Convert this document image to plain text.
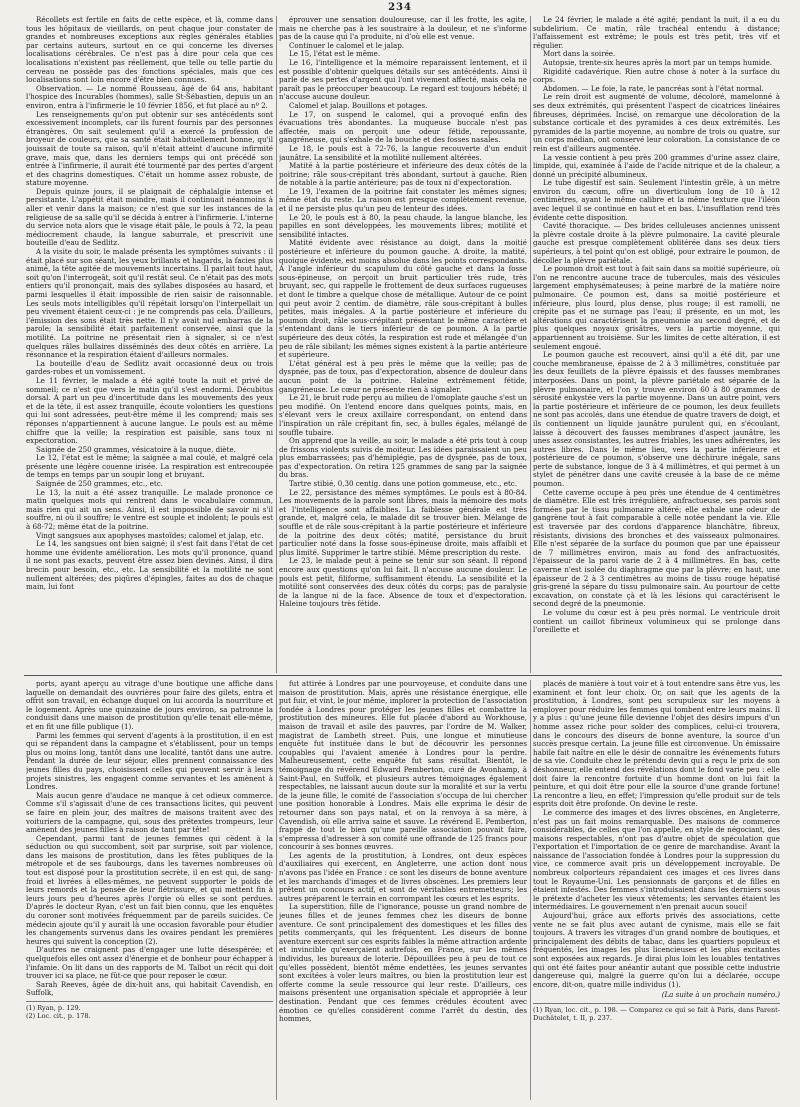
234

Récollets est fertile en faits de cette espèce, et là, comme dans tous les hôpitaux de vieillards, on peut chaque jour constater de grandes et nombreuses exceptions aux règles générales établies par certains auteurs, surtout en ce qui concerne les diverses localisations cérébrales. Ce n'est pas à dire pour cela que ces localisations n'existent pas réellement, que telle ou telle partie du cerveau ne possède pas des fonctions spéciales, mais que ces localisations sont loin encore d'être bien connues.

Observation. — Le nommé Rousseau, âgé de 64 ans, habitant l'hospice des Incurables (hommes), salle St-Sébastien, depuis un an environ, entra à l'infirmerie le 10 février 1856, et fut placé au nº 2.

Les renseignements qu'on put obtenir sur ses antécédents sont excessivement incomplets, car ils furent fournis par des personnes étrangères. On sait seulement qu'il a exercé la profession de broyeur de couleurs, que sa santé était habituellement bonne, qu'il jouissait de toute sa raison, qu'il n'était atteint d'aucune infirmité grave, mais que, dans les derniers temps qui ont précédé son entrée à l'infirmerie, il aurait été tourmenté par des pertes d'argent et des chagrins domestiques. C'était un homme assez robuste, de stature moyenne.

Depuis quinze jours, il se plaignait de céphalalgie intense et persistante. L'appétit était moindre, mais il continuait néanmoins à aller et venir dans la maison; ce n'est que sur les instances de la religieuse de sa salle qu'il se décida à entrer à l'infirmerie. L'interne du service nota alors que le visage était pâle, le pouls à 72, la peau médiocrement chaude, la langue saburrale, et prescrivit une bouteille d'eau de Sedlitz.

A la visite du soir, le malade présenta les symptômes suivants : il était placé sur son séant, les yeux brillants et hagards, la facies plus animé, la tête agitée de mouvements incertains. Il parlait tout haut, soit qu'on l'interrogeât, soit qu'il restât seul. Ce n'était pas des mots entiers qu'il prononçait, mais des syllabes disposées au hasard, et parmi lesquelles il était impossible de rien saisir de raisonnable. Les seuls mots intelligibles qu'il répétait lorsqu'on l'interpellait un peu vivement étaient ceux-ci : je ne comprends pas cela. D'ailleurs, l'émission des sons était très nette. Il n'y avait nul embarras de la parole; la sensibilité était parfaitement conservée, ainsi que la motilité. La poitrine ne présentait rien à signaler, si ce n'est quelques râles bullaires disséminés des deux côtés en arrière. La résonnance et la respiration étaient d'ailleurs normales.

La bouteille d'eau de Sedlitz avait occasionné deux ou trois gardes-robes et un vomissement.

Le 11 février, le malade a été agité toute la nuit et privé de sommeil; ce n'est que vers le matin qu'il s'est endormi. Décubitus dorsal. A part un peu d'incertitude dans les mouvements des yeux et de la tête, il est assez tranquille, écoute volontiers les questions qui lui sont adressées, peut-être même il les comprend; mais ses réponses n'appartiennent à aucune langue. Le pouls est au même chiffre que la veille; la respiration est paisible, sans toux ni expectoration.

Saignée de 250 grammes, vésicatoire à la nuque, diète.

Le 12, l'état est le même; la saignée a mal coulé, et malgré cela présente une légère couenne irisée. La respiration est entrecoupée de temps en temps par un soupir long et bruyant.

Saignée de 250 grammes, etc., etc.

Le 13, la nuit a été assez tranquille. Le malade prononce ce matin quelques mots qui rentrent dans le vocabulaire commun, mais rien qui ait un sens. Ainsi, il est impossible de savoir ni s'il souffre, ni où il souffre; le ventre est souple et indolent; le pouls est à 68-72; même état de la poitrine.

Vingt sangsues aux apophyses mastoïdes; calomel et jalap, etc.

Le 14, les sangsues ont bien saigné; il s'est fait dans l'état de cet homme une évidente amélioration. Les mots qu'il prononce, quand il ne sont pas exacts, peuvent être assez bien devinés. Ainsi, il dira brecin pour besoin, etc., etc. La sensibilité et la motilité ne sont nullement altérées; des piqûres d'épingles, faites au dos de chaque main, lui font

éprouver une sensation douloureuse, car il les frotte, les agite, mais ne cherche pas à les soustraire à la douleur, et ne s'informe pas de la cause qui l'a produite, ni d'où elle est venue.

Continuer le calomel et le jalap.

Le 15, l'état est le même.

Le 16, l'intelligence et la mémoire reparaissent lentement, et il est possible d'obtenir quelques détails sur ses antécédents. Ainsi il parle de ses pertes d'argent qui l'ont vivement affecté, mais cela ne paraît pas le préoccuper beaucoup. Le regard est toujours hébété; il n'accuse aucune douleur.

Calomel et jalap. Bouillons et potages.

Le 17, on suspend le calomel, qui a provoqué enfin des évacuations très abondantes. La muqueuse buccale n'est pas affectée, mais on perçoit une odeur fétide, repoussante, gangréneuse, qui s'exhale de la bouche et des fosses nasales.

Le 18, le pouls est à 72-76, la langue recouverte d'un enduit jaunâtre. La sensibilité et la motilité nullement altérées.

Matité à la partie postérieure et inférieure des deux côtés de la poitrine; râle sous-crépitant très abondant, surtout à gauche. Rien de notable à la partie antérieure; pas de toux ni d'expectoration.

Le 19, l'examen de la poitrine fait constater les mêmes signes; même état du reste. La raison est presque complètement revenue, et il ne persiste plus qu'un peu de lenteur des idées.

Le 20, le pouls est à 80, la peau chaude, la langue blanche, les papilles en sont développées, les mouvements libres; motilité et sensibilité intactes.

Matité évidente avec résistance au doigt, dans la moitié postérieure et inférieure du poumon gauche. A droite, la matité, quoique évidente, est moins absolue dans les points correspondants. A l'angle inférieur du scapulum du côté gauche et dans la fosse sous-épineuse, on perçoit un bruit particulier très rude, très bruyant, sec, qui rappelle le frottement de deux surfaces rugueuses et dont le timbre a quelque chose de métallique. Autour de ce point qui peut avoir 2 centim. de diamètre, râle sous-crépitant à bulles petites, mais inégales. A la partie postérieure et inférieure du poumon droit, râle sous-crépitant présentant le même caractère et s'entendant dans le tiers inférieur de ce poumon. A la partie supérieure des deux côtés, la respiration est rude et mélangée d'un peu de râle sibilant; les mêmes signes existent à la partie antérieure et supérieure.

L'état général est à peu près le même que la veille; pas de dyspnée, pas de toux, pas d'expectoration, absence de douleur dans aucun point de la poitrine. Haleine extrêmement fétide, gangréneuse. Le cœur ne présente rien à signaler.

Le 21, le bruit rude perçu au milieu de l'omoplate gauche s'est un peu modifié. On l'entend encore dans quelques points, mais, en s'élevant vers le creux axillaire correspondant, on entend dans l'inspiration un râle crépitant fin, sec, à bulles égales, mélangé de souffle tubaire.

On apprend que la veille, au soir, le malade a été pris tout à coup de frissons violents suivis de moiteur. Les idées paraissaient un peu plus embarrassées; pas d'hémiplégie, pas de dyspnée, pas de toux, pas d'expectoration. On retira 125 grammes de sang par la saignée du bras.

Tartre stibié, 0,30 centig. dans une potion gommeuse, etc., etc.

Le 22, persistance des mêmes symptômes. Le pouls est à 80-84. Les mouvements de la parole sont libres, mais la mémoire des mots et l'intelligence sont affaiblies. La faiblesse générale est très grande, et, malgré cela, le malade dit se trouver bien. Mélange de souffle et de râle sous-crépitant à la partie postérieure et inférieure de la poitrine des deux côtés; matité, persistance du bruit particulier noté dans la fosse sous-épineuse droite, mais affaibli et plus limité. Supprimer le tartre stibié. Même prescription du reste.

Le 23, le malade peut à peine se tenir sur son séant. Il répond encore aux questions qu'on lui fait. Il n'accuse aucune douleur. Le pouls est petit, filiforme, suffisamment étendu. La sensibilité et la motilité sont conservées des deux côtés du corps; pas de paralysie de la langue ni de la face. Absence de toux et d'expectoration. Haleine toujours très fétide.

Le 24 février, le malade a été agité; pendant la nuit, il a eu du subdelirium. Ce matin, râle trachéal entendu à distance; l'affaissement est extrême; le pouls est très petit, très vif et régulier.

Mort dans la soirée.

Autopsie, trente-six heures après la mort par un temps humide.

Rigidité cadavérique. Rien autre chose à noter à la surface du corps.

Abdomen. — Le foie, la rate, le pancréas sont à l'état normal.

Le rein droit est augmenté de volume, décoloré, mamelonné à ses deux extrémités, qui présentent l'aspect de cicatrices linéaires fibreuses, déprimées. Incisé, on remarque une décoloration de la substance corticale et des pyramides à ces deux extrémités. Les pyramides de la partie moyenne, au nombre de trois ou quatre, sur un corps médian, ont conservé leur coloration. La consistance de ce rein est d'ailleurs augmentée.

La vessie contient à peu près 200 grammes d'urine assez claire, limpide, qui, examinée à l'aide de l'acide nitrique et de la chaleur, a donné un précipité albumineux.

Le tube digestif est sain. Seulement l'intestin grêle, à un mètre environ du cæcum, offre un diverticulum long de 10 à 12 centimètres, ayant le même calibre et la même texture que l'iléon avec lequel il se continue en haut et en bas. L'insufflation rend très évidente cette disposition.

Cavité thoracique. — Des brides celluleuses anciennes unissent la plèvre costale droite à la plèvre pulmonaire. La cavité pleurale gauche est presque complètement oblitérée dans ses deux tiers supérieurs, à tel point qu'on est obligé, pour extraire le poumon, de décoller la plèvre pariétale.

Le poumon droit est tout à fait sain dans sa moitié supérieure, où l'on ne rencontre aucune trace de tubercules, mais des vésicules largement emphysémateuses; à peine marbré de la matière noire pulmonaire. Ce poumon est, dans sa moitié postérieure et inférieure, plus lourd, plus dense, plus rouge; il est ramolli, ne crépite pas et ne surnage pas l'eau; il présente, en un mot, les altérations qui caractérisent la pneumonie au second degré, et de plus quelques noyaux grisâtres, vers la partie moyenne, qui appartiennent au troisième. Sur les limites de cette altération, il est seulement engoué.

Le poumon gauche est recouvert, ainsi qu'il a été dit, par une couche membraneuse, épaisse de 2 à 3 millimètres, constituée par les deux feuillets de la plèvre épaissis et des fausses membranes interposées. Dans un point, la plèvre pariétale est séparée de la plèvre pulmonaire, et l'on y trouve environ 60 à 80 grammes de sérosité enkystée vers la partie moyenne. Dans un autre point, vers la partie postérieure et inférieure de ce poumon, les deux feuillets ne sont pas accolés, dans une étendue de quatre travers de doigt, et ils contiennent un liquide jaunâtre purulent qui, en s'écoulant, laisse à découvert des fausses membranes d'aspect jaunâtre, les unes assez consistantes, les autres friables, les unes adhérentes, les autres libres. Dans le même lieu, vers la partie inférieure et postérieure de ce poumon, s'observe une déchirure inégale, sans perte de substance, longue de 3 à 4 millimètres, et qui permet à un stylet de pénétrer dans une cavité creusée à la base de ce même poumon.

Cette caverne occupe à peu près une étendue de 4 centimètres de diamètre. Elle est très irrégulière, anfractueuse, ses parois sont formées par le tissu pulmonaire altéré; elle exhale une odeur de gangrène tout à fait comparable à celle notée pendant la vie. Elle est traversée par des cordons d'apparence blanchâtre, fibreux, résistants, divisions des bronches et des vaisseaux pulmonaires. Elle n'est séparée de la surface du poumon que par une épaisseur de 7 millimètres environ, mais au fond des anfractuosités, l'épaisseur de la paroi varie de 2 à 4 millimètres. En bas, cette caverne n'est isolée du diaphragme que par la plèvre; en haut, une épaisseur de 2 à 3 centimètres au moins de tissu rouge hépatisé gris-grené la sépare du tissu pulmonaire sain. Au pourtour de cette excavation, on constate çà et là les lésions qui caractérisent le second degré de la pneumonie.

Le volume du cœur est à peu près normal. Le ventricule droit contient un caillot fibrineux volumineux qui se prolonge dans l'oreillette et

ports, ayant aperçu au vitrage d'une boutique une affiche dans laquelle on demandait des ouvrières pour faire des gilets, entra et offrit son travail, en échange duquel on lui accorda la nourriture et le logement. Après une quinzaine de jours environ, sa patronne la conduisit dans une maison de prostitution qu'elle tenait elle-même, et en fit une fille publique (1).

Parmi les femmes qui servent d'agents à la prostitution, il en est qui se répandent dans la campagne et s'établissent, pour un temps plus ou moins long, tantôt dans une localité, tantôt dans une autre. Pendant la durée de leur séjour, elles prennent connaissance des jeunes filles du pays, choisissent celles qui peuvent servir à leurs projets sinistres, les engagent comme servantes et les amènent à Londres.

Mais aucun genre d'audace ne manque à cet odieux commerce. Comme s'il s'agissait d'une de ces transactions licites, qui peuvent se faire en plein jour, des maîtres de maisons traitent avec des voituriers de la campagne, qui, sous des prétextes trompeurs, leur amènent des jeunes filles à raison de tant par tête!

Cependant, parmi tant de jeunes femmes qui cèdent à la séduction ou qui succombent, soit par surprise, soit par violence, dans les maisons de prostitution, dans les fêtes publiques de la métropole et de ses faubourgs, dans les tavernes nombreuses où tout est disposé pour la prostitution secrète, il en est qui, de sang-froid et livrées à elles-mêmes, ne peuvent supporter le poids de leurs remords et la pensée de leur flétrissure, et qui mettent fin à leurs jours peu d'heures après l'orgie où elles se sont perdues. D'après le docteur Ryan, c'est un fait bien connu, que les enquêtes du coroner sont motivées fréquemment par de pareils suicides. Ce médecin ajoute qu'il y aurait là une occasion favorable pour étudier les changements survenus dans les ovaires pendant les premières heures qui suivent la conception (2).

D'autres ne craignent pas d'engager une lutte désespérée; et quelquefois elles ont assez d'énergie et de bonheur pour échapper à l'infamie. On lit dans un des rapports de M. Talbot un récit qui doit trouver ici sa place, ne fût-ce que pour reposer le cœur.

Sarah Reeves, âgée de dix-huit ans, qui habitait Cavendish, en Suffolk,

(1) Ryan, p. 129.
(2) Loc. cit., p. 178.

fut attirée à Londres par une pourvoyeuse, et conduite dans une maison de prostitution. Mais, après une résistance énergique, elle put fuir, et vint, le jour même, implorer la protection de l'association fondée à Londres pour protéger les jeunes filles et combattre la prostitution des mineures. Elle fut placée d'abord au Workhouse, maison de travail et asile des pauvres, par l'ordre de M. Walker, magistrat de Lambeth street. Puis, une longue et minutieuse enquête fut instituée dans le but de découvrir les personnes coupables qui l'avaient amenée à Londres pour la perdre. Malheureusement, cette enquête fut sans résultat. Bientôt, le témoignage du révérend Edward Pemberton, curé de Avonhamp, à Saint-Paul, en Suffolk, et plusieurs autres témoignages également respectables, ne laissant aucun doute sur la moralité et sur la vertu de la jeune fille, le comité de l'association s'occupa de lui chercher une position honorable à Londres. Mais elle exprima le désir de retourner dans son pays natal, et on la renvoya à sa mère, à Cavendish, où elle arriva saine et sauve. Le révérend E. Pemberton, frappé de tout le bien qu'une pareille association pouvait faire, s'empressa d'adresser à son comité une offrande de 125 francs pour concourir à ses bonnes œuvres.

Les agents de la prostitution, à Londres, ont deux espèces d'auxiliaires qui exercent, en Angleterre, une action dont nous n'avons pas l'idée en France : ce sont les diseurs de bonne aventure et les marchands d'images et de livres obscènes. Les premiers leur prêtent un concours actif, et sont de véritables entremetteurs; les autres préparent le terrain en corrompant les cœurs et les esprits.

La superstition, fille de l'ignorance, pousse un grand nombre de jeunes filles et de jeunes femmes chez les diseurs de bonne aventure. Ce sont principalement des domestiques et les filles des petits commerçants, qui les fréquentent. Les diseurs de bonne aventure exercent sur ces esprits faibles la même attraction ardente et invincible qu'exerçaient autrefois, en France, sur les mêmes individus, les bureaux de loterie. Dépouillées peu à peu de tout ce qu'elles possèdent, bientôt même endettées, les jeunes servantes sont excitées à voler leurs maîtres, ou bien la prostitution leur est offerte comme la seule ressource qui leur reste. D'ailleurs, ces maisons présentent une organisation spéciale et appropriée à leur destination. Pendant que ces femmes crédules écoutent avec émotion ce qu'elles considèrent comme l'arrêt du destin, des hommes,

placés de manière à tout voir et à tout entendre sans être vus, les examinent et font leur choix. Or, on sait que les agents de la prostitution, à Londres, sont peu scrupuleux sur les moyens à employer pour réduire les femmes qui tombent entre leurs mains. Il y a plus : qu'une jeune fille devienne l'objet des désirs impurs d'un homme assez riche pour solder des complices, celui-ci trouvera, dans le concours des diseurs de bonne aventure, la source d'un succès presque certain. La jeune fille est circonvenue. Un émissaire habile fait naître en elle le désir de connaître les événements futurs de sa vie. Conduite chez le prétendu devin qui a reçu le prix de son déshonneur, elle entend des révélations dont le fond varie peu : elle doit faire la rencontre fortuite d'un homme dont on lui fait la peinture, et qui doit être pour elle la source d'une grande fortune! La rencontre a lieu, en effet; l'impression qu'elle produit sur de tels esprits doit être profonde. On devine le reste.

Le commerce des images et des livres obscènes, en Angleterre, n'est pas un fait moins remarquable. Des maisons de commerce considérables, de celles que l'on appelle, en style de négociant, des maisons respectables, n'ont pas d'autre objet de spéculation que l'exportation et l'importation de ce genre de marchandise. Avant la naissance de l'association fondée à Londres pour la suppression du vice, ce commerce avait pris un développement incroyable. De nombreux colporteurs répandaient ces images et ces livres dans tout le Royaume-Uni. Les pensionnats de garçons et de filles en étaient infestés. Des femmes s'introduisaient dans les derniers sous le prétexte d'acheter les vieux vêtements; les servantes étaient les intermédiaires. Le gouvernement n'en prenait aucun souci!

Aujourd'hui, grâce aux efforts privés des associations, cette vente ne se fait plus avec autant de cynisme, mais elle se fait toujours. A travers les vitrages d'un grand nombre de boutiques, et principalement des débits de tabac, dans les quartiers populeux et fréquentés, les images les plus licencieuses et les plus excitantes sont exposées aux regards. Je dirai plus loin les louables tentatives qui ont été faites pour anéantir autant que possible cette industrie dangereuse qui, malgré la guerre qu'on lui a déclarée, occupe encore, dit-on, quatre mille individus (1).

(La suite à un prochain numéro.)
(1) Ryan, loc. cit., p. 198. — Comparez ce qui se fait à Paris, dans Parent-Duchâtelet, t. II, p. 237.
